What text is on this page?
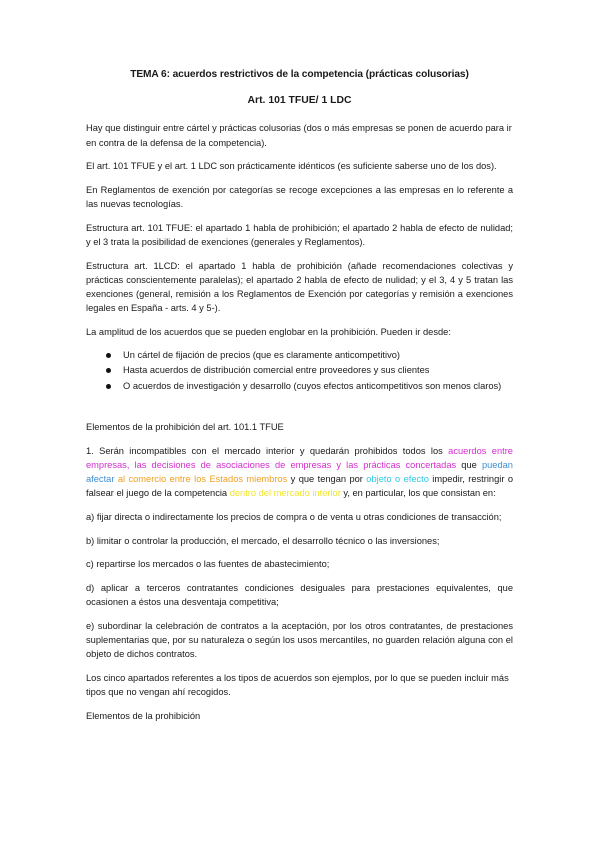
TEMA 6: acuerdos restrictivos de la competencia (prácticas colusorias)
Art. 101 TFUE/ 1 LDC

Hay que distinguir entre cártel y prácticas colusorias (dos o más empresas se ponen de acuerdo para ir en contra de la defensa de la competencia).

El art. 101 TFUE y el art. 1 LDC son prácticamente idénticos (es suficiente saberse uno de los dos).

En Reglamentos de exención por categorías se recoge excepciones a las empresas en lo referente a las nuevas tecnologías.

Estructura art. 101 TFUE: el apartado 1 habla de prohibición; el apartado 2 habla de efecto de nulidad; y el 3 trata la posibilidad de exenciones (generales y Reglamentos).

Estructura art. 1LCD: el apartado 1 habla de prohibición (añade recomendaciones colectivas y prácticas conscientemente paralelas); el apartado 2 habla de efecto de nulidad; y el 3, 4 y 5 tratan las exenciones (general, remisión a los Reglamentos de Exención por categorías y remisión a exenciones legales en España - arts. 4 y 5-).

La amplitud de los acuerdos que se pueden englobar en la prohibición. Pueden ir desde:

Un cártel de fijación de precios (que es claramente anticompetitivo)
Hasta acuerdos de distribución comercial entre proveedores y sus clientes
O acuerdos de investigación y desarrollo (cuyos efectos anticompetitivos son menos claros)

Elementos de la prohibición del art. 101.1 TFUE

1. Serán incompatibles con el mercado interior y quedarán prohibidos todos los acuerdos entre empresas, las decisiones de asociaciones de empresas y las prácticas concertadas que puedan afectar al comercio entre los Estados miembros y que tengan por objeto o efecto impedir, restringir o falsear el juego de la competencia dentro del mercado interior y, en particular, los que consistan en:

a) fijar directa o indirectamente los precios de compra o de venta u otras condiciones de transacción;

b) limitar o controlar la producción, el mercado, el desarrollo técnico o las inversiones;

c) repartirse los mercados o las fuentes de abastecimiento;

d) aplicar a terceros contratantes condiciones desiguales para prestaciones equivalentes, que ocasionen a éstos una desventaja competitiva;

e) subordinar la celebración de contratos a la aceptación, por los otros contratantes, de prestaciones suplementarias que, por su naturaleza o según los usos mercantiles, no guarden relación alguna con el objeto de dichos contratos.

Los cinco apartados referentes a los tipos de acuerdos son ejemplos, por lo que se pueden incluir más tipos que no vengan ahí recogidos.

Elementos de la prohibición
